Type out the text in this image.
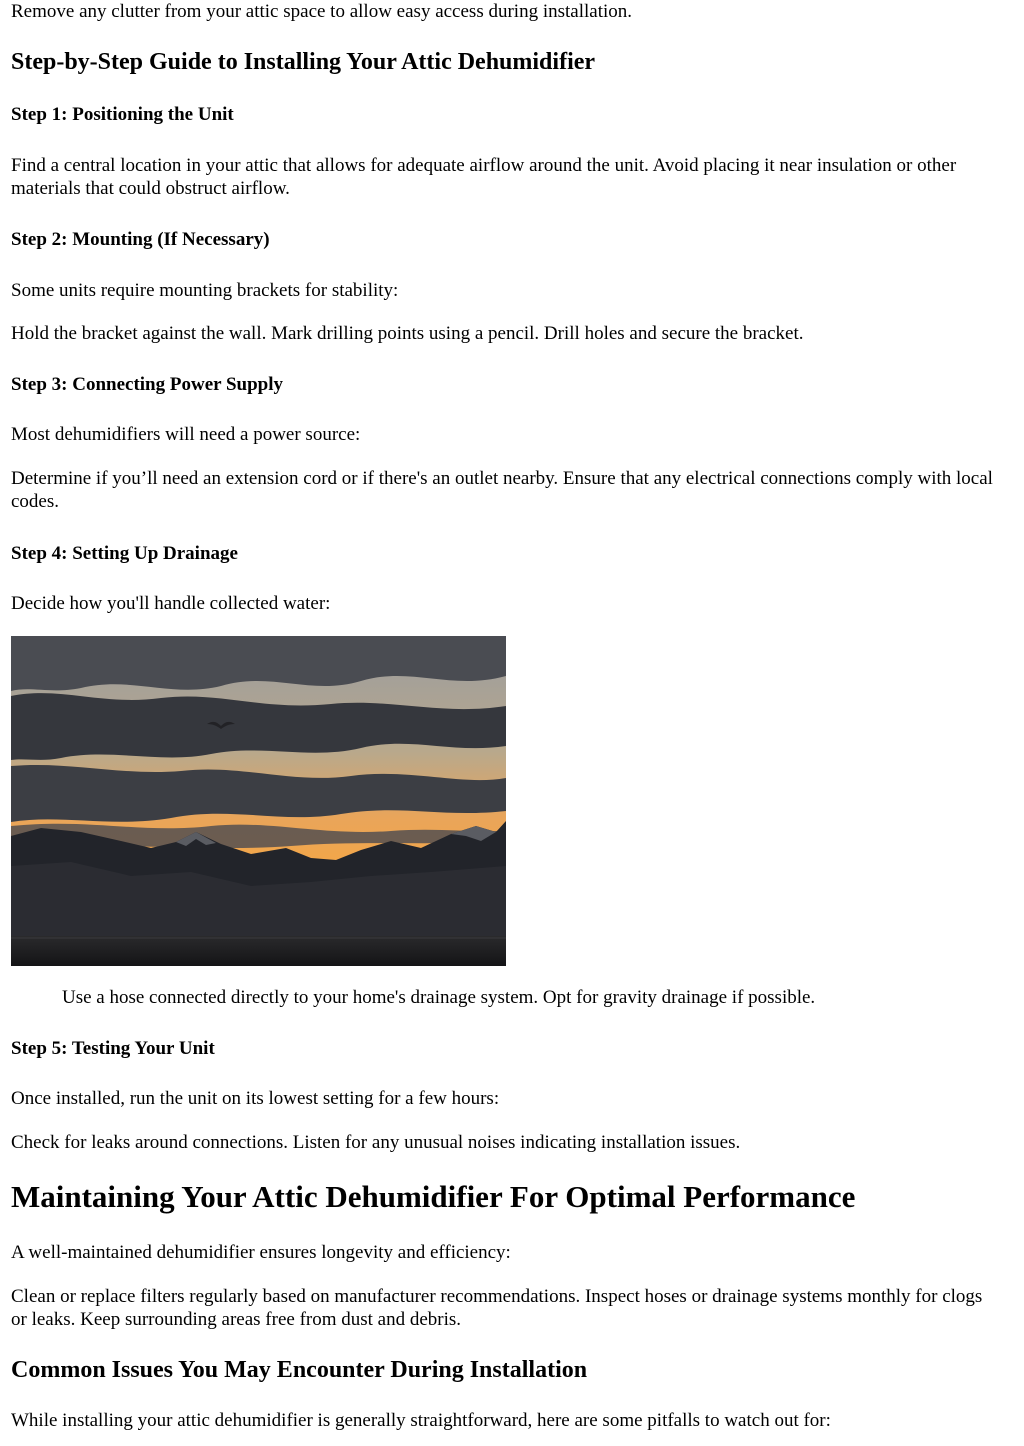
Remove any clutter from your attic space to allow easy access during installation.

Step-by-Step Guide to Installing Your Attic Dehumidifier
Step 1: Positioning the Unit

Find a central location in your attic that allows for adequate airflow around the unit. Avoid placing it near insulation or other materials that could obstruct airflow.

Step 2: Mounting (If Necessary)

Some units require mounting brackets for stability:

Hold the bracket against the wall. Mark drilling points using a pencil. Drill holes and secure the bracket.

Step 3: Connecting Power Supply

Most dehumidifiers will need a power source:

Determine if you’ll need an extension cord or if there's an outlet nearby. Ensure that any electrical connections comply with local codes.

Step 4: Setting Up Drainage

Decide how you'll handle collected water:

Use a hose connected directly to your home's drainage system. Opt for gravity drainage if possible.

Step 5: Testing Your Unit

Once installed, run the unit on its lowest setting for a few hours:

Check for leaks around connections. Listen for any unusual noises indicating installation issues.

Maintaining Your Attic Dehumidifier For Optimal Performance

A well-maintained dehumidifier ensures longevity and efficiency:

Clean or replace filters regularly based on manufacturer recommendations. Inspect hoses or drainage systems monthly for clogs or leaks. Keep surrounding areas free from dust and debris.

Common Issues You May Encounter During Installation

While installing your attic dehumidifier is generally straightforward, here are some pitfalls to watch out for:
